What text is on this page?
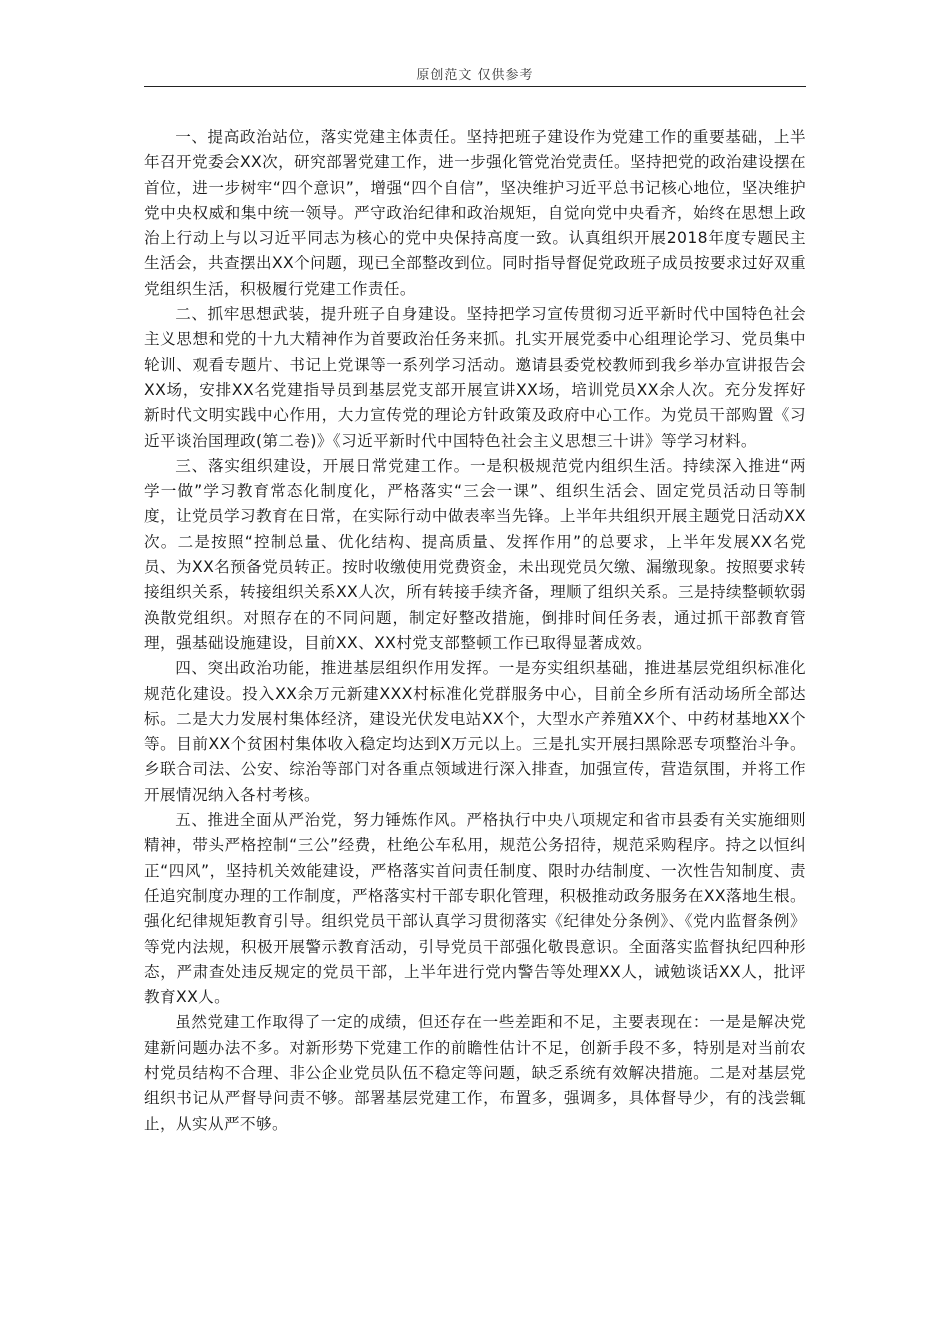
原创范文 仅供参考

一、提高政治站位，落实党建主体责任。坚持把班子建设作为党建工作的重要基础，上半年召开党委会XX次，研究部署党建工作，进一步强化管党治党责任。坚持把党的政治建设摆在首位，进一步树牢“四个意识”，增强“四个自信”，坚决维护习近平总书记核心地位，坚决维护党中央权威和集中统一领导。严守政治纪律和政治规矩，自觉向党中央看齐，始终在思想上政治上行动上与以习近平同志为核心的党中央保持高度一致。认真组织开展2018年度专题民主生活会，共查摆出XX个问题，现已全部整改到位。同时指导督促党政班子成员按要求过好双重党组织生活，积极履行党建工作责任。

二、抓牢思想武装，提升班子自身建设。坚持把学习宣传贯彻习近平新时代中国特色社会主义思想和党的十九大精神作为首要政治任务来抓。扎实开展党委中心组理论学习、党员集中轮训、观看专题片、书记上党课等一系列学习活动。邀请县委党校教师到我乡举办宣讲报告会XX场，安排XX名党建指导员到基层党支部开展宣讲XX场，培训党员XX余人次。充分发挥好新时代文明实践中心作用，大力宣传党的理论方针政策及政府中心工作。为党员干部购置《习近平谈治国理政(第二卷)》《习近平新时代中国特色社会主义思想三十讲》等学习材料。

三、落实组织建设，开展日常党建工作。一是积极规范党内组织生活。持续深入推进“两学一做”学习教育常态化制度化，严格落实“三会一课”、组织生活会、固定党员活动日等制度，让党员学习教育在日常，在实际行动中做表率当先锋。上半年共组织开展主题党日活动XX次。二是按照“控制总量、优化结构、提高质量、发挥作用”的总要求，上半年发展XX名党员、为XX名预备党员转正。按时收缴使用党费资金，未出现党员欠缴、漏缴现象。按照要求转接组织关系，转接组织关系XX人次，所有转接手续齐备，理顺了组织关系。三是持续整顿软弱涣散党组织。对照存在的不同问题，制定好整改措施，倒排时间任务表，通过抓干部教育管理，强基础设施建设，目前XX、XX村党支部整顿工作已取得显著成效。

四、突出政治功能，推进基层组织作用发挥。一是夯实组织基础，推进基层党组织标准化规范化建设。投入XX余万元新建XXX村标准化党群服务中心，目前全乡所有活动场所全部达标。二是大力发展村集体经济，建设光伏发电站XX个，大型水产养殖XX个、中药材基地XX个等。目前XX个贫困村集体收入稳定均达到X万元以上。三是扎实开展扫黑除恶专项整治斗争。乡联合司法、公安、综治等部门对各重点领域进行深入排查，加强宣传，营造氛围，并将工作开展情况纳入各村考核。

五、推进全面从严治党，努力锤炼作风。严格执行中央八项规定和省市县委有关实施细则精神，带头严格控制“三公”经费，杜绝公车私用，规范公务招待，规范采购程序。持之以恒纠正“四风”，坚持机关效能建设，严格落实首问责任制度、限时办结制度、一次性告知制度、责任追究制度办理的工作制度，严格落实村干部专职化管理，积极推动政务服务在XX落地生根。强化纪律规矩教育引导。组织党员干部认真学习贯彻落实《纪律处分条例》、《党内监督条例》等党内法规，积极开展警示教育活动，引导党员干部强化敬畏意识。全面落实监督执纪四种形态，严肃查处违反规定的党员干部，上半年进行党内警告等处理XX人，诫勉谈话XX人，批评教育XX人。

虽然党建工作取得了一定的成绩，但还存在一些差距和不足，主要表现在：一是是解决党建新问题办法不多。对新形势下党建工作的前瞻性估计不足，创新手段不多，特别是对当前农村党员结构不合理、非公企业党员队伍不稳定等问题，缺乏系统有效解决措施。二是对基层党组织书记从严督导问责不够。部署基层党建工作，布置多，强调多，具体督导少，有的浅尝辄止，从实从严不够。
